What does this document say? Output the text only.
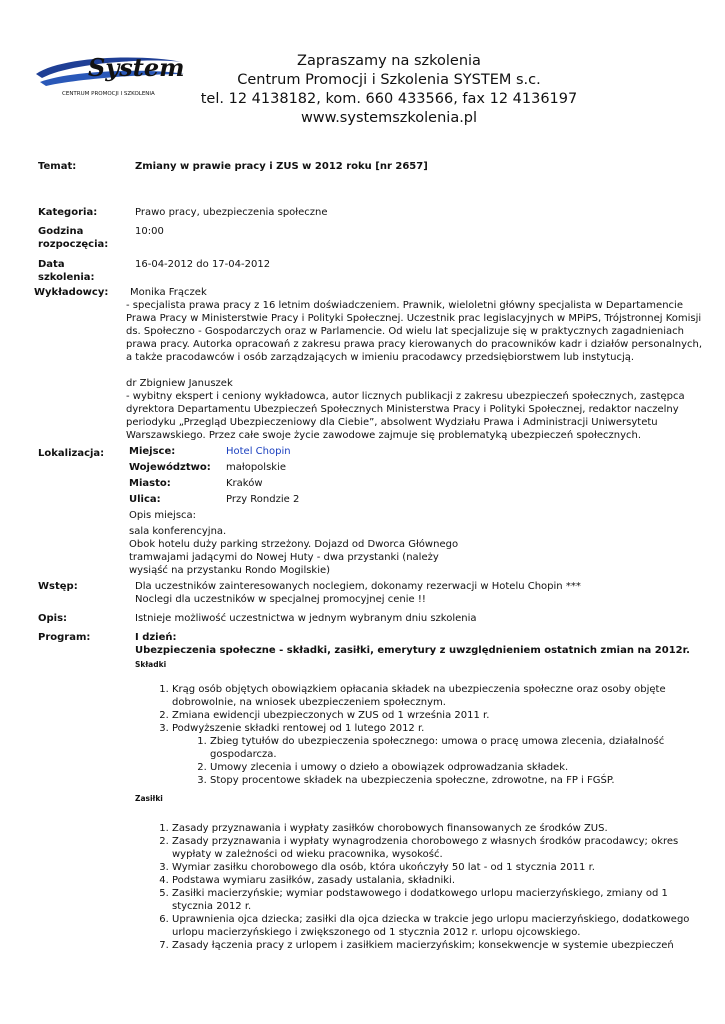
System
CENTRUM PROMOCJI I SZKOLENIA
Zapraszamy na szkolenia
Centrum Promocji i Szkolenia SYSTEM s.c.
tel. 12 4138182, kom. 660 433566, fax 12 4136197
www.systemszkolenia.pl
Temat:	Zmiany w prawie pracy i ZUS w 2012 roku [nr 2657]
Kategoria:	Prawo pracy, ubezpieczenia społeczne
Godzina
rozpoczęcia:
10:00
Data
szkolenia:
16-04-2012 do 17-04-2012
Wykładowcy:	Monika Frączek
- specjalista prawa pracy z 16 letnim doświadczeniem. Prawnik, wieloletni główny specjalista w Departamencie
Prawa Pracy w Ministerstwie Pracy i Polityki Społecznej. Uczestnik prac legislacyjnych w MPiPS, Trójstronnej Komisji
ds. Społeczno - Gospodarczych oraz w Parlamencie. Od wielu lat specjalizuje się w praktycznych zagadnieniach
prawa pracy. Autorka opracowań z zakresu prawa pracy kierowanych do pracowników kadr i działów personalnych,
a także pracodawców i osób zarządzających w imieniu pracodawcy przedsiębiorstwem lub instytucją.
dr Zbigniew Januszek
- wybitny ekspert i ceniony wykładowca, autor licznych publikacji z zakresu ubezpieczeń społecznych, zastępca
dyrektora Departamentu Ubezpieczeń Społecznych Ministerstwa Pracy i Polityki Społecznej, redaktor naczelny
periodyku „Przegląd Ubezpieczeniowy dla Ciebie”, absolwent Wydziału Prawa i Administracji Uniwersytetu
Warszawskiego. Przez całe swoje życie zawodowe zajmuje się problematyką ubezpieczeń społecznych.
Lokalizacja: Miejsce:	Hotel Chopin
Województwo: małopolskie
Miasto:	Kraków
Ulica:	Przy Rondzie 2
Opis miejsca:
sala konferencyjna.
Obok hotelu duży parking strzeżony. Dojazd od Dworca Głównego
tramwajami jadącymi do Nowej Huty - dwa przystanki (należy
wysiąść na przystanku Rondo Mogilskie)
Wstęp:	Dla uczestników zainteresowanych noclegiem, dokonamy rezerwacji w Hotelu Chopin ***
Noclegi dla uczestników w specjalnej promocyjnej cenie !!
Opis:	Istnieje możliwość uczestnictwa w jednym wybranym dniu szkolenia
Program:	I dzień:
Ubezpieczenia społeczne - składki, zasiłki, emerytury z uwzględnieniem ostatnich zmian na 2012r.
Składki
1. Krąg osób objętych obowiązkiem opłacania składek na ubezpieczenia społeczne oraz osoby objęte dobrowolnie, na wniosek ubezpieczeniem społecznym.
2. Zmiana ewidencji ubezpieczonych w ZUS od 1 września 2011 r.
3. Podwyższenie składki rentowej od 1 lutego 2012 r.
1. Zbieg tytułów do ubezpieczenia społecznego: umowa o pracę umowa zlecenia, działalność gospodarcza.
2. Umowy zlecenia i umowy o dzieło a obowiązek odprowadzania składek.
3. Stopy procentowe składek na ubezpieczenia społeczne, zdrowotne, na FP i FGŚP.
Zasiłki
1. Zasady przyznawania i wypłaty zasiłków chorobowych finansowanych ze środków ZUS.
2. Zasady przyznawania i wypłaty wynagrodzenia chorobowego z własnych środków pracodawcy; okres wypłaty w zależności od wieku pracownika, wysokość.
3. Wymiar zasiłku chorobowego dla osób, która ukończyły 50 lat - od 1 stycznia 2011 r.
4. Podstawa wymiaru zasiłków, zasady ustalania, składniki.
5. Zasiłki macierzyńskie; wymiar podstawowego i dodatkowego urlopu macierzyńskiego, zmiany od 1 stycznia 2012 r.
6. Uprawnienia ojca dziecka; zasiłki dla ojca dziecka w trakcie jego urlopu macierzyńskiego, dodatkowego urlopu macierzyńskiego i zwiększonego od 1 stycznia 2012 r. urlopu ojcowskiego.
7. Zasady łączenia pracy z urlopem i zasiłkiem macierzyńskim; konsekwencje w systemie ubezpieczeń
